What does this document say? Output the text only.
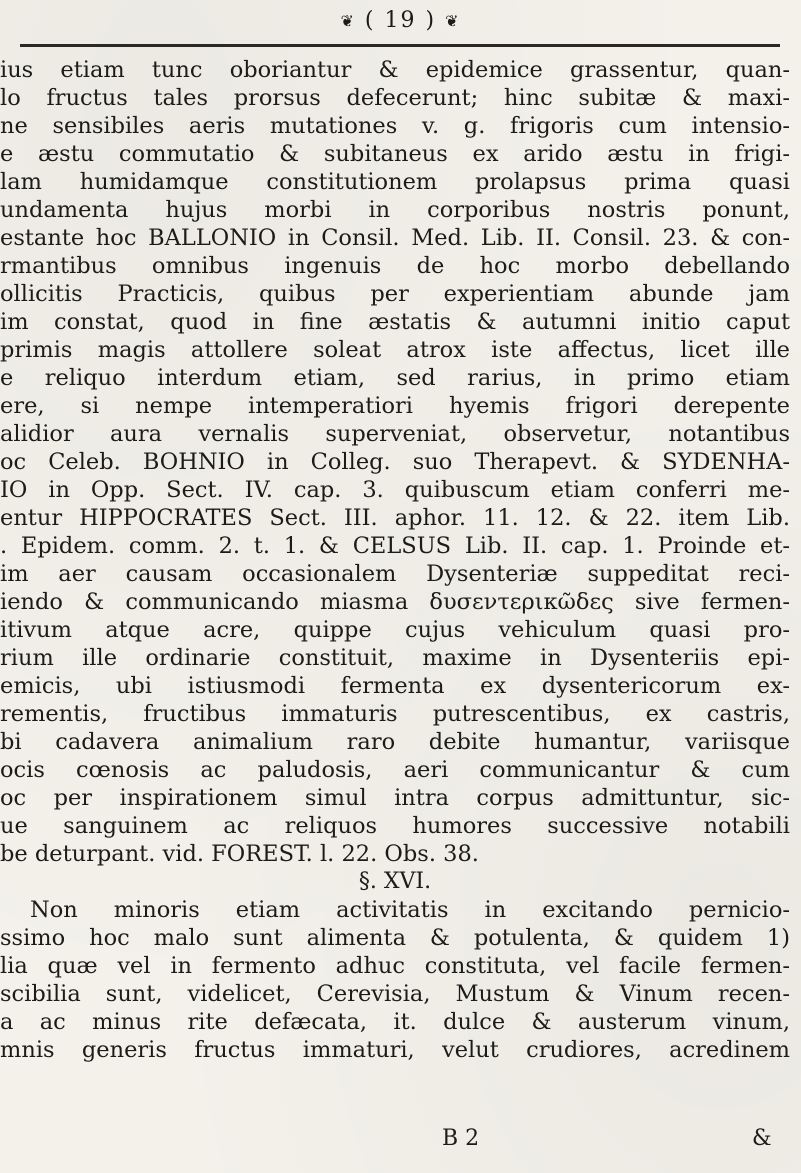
❦ ( 19 ) ❦
ius etiam tunc oboriantur & epidemice grassentur, quan-
lo fructus tales prorsus defecerunt; hinc subitæ & maxi-
ne sensibiles aeris mutationes v. g. frigoris cum intensio-
e æstu commutatio & subitaneus ex arido æstu in frigi-
lam humidamque constitutionem prolapsus prima quasi
undamenta hujus morbi in corporibus nostris ponunt,
estante hoc BALLONIO in Consil. Med. Lib. II. Consil. 23. & con-
rmantibus omnibus ingenuis de hoc morbo debellando
ollicitis Practicis, quibus per experientiam abunde jam
im constat, quod in fine æstatis & autumni initio caput
primis magis attollere soleat atrox iste affectus, licet ille
e reliquo interdum etiam, sed rarius, in primo etiam
ere, si nempe intemperatiori hyemis frigori derepente
alidior aura vernalis superveniat, observetur, notantibus
oc Celeb. BOHNIO in Colleg. suo Therapevt. & SYDENHA-
IO in Opp. Sect. IV. cap. 3. quibuscum etiam conferri me-
entur HIPPOCRATES Sect. III. aphor. 11. 12. & 22. item Lib.
. Epidem. comm. 2. t. 1. & CELSUS Lib. II. cap. 1. Proinde et-
im aer causam occasionalem Dysenteriæ suppeditat reci-
iendo & communicando miasma δυσεντερικῶδες sive fermen-
itivum atque acre, quippe cujus vehiculum quasi pro-
rium ille ordinarie constituit, maxime in Dysenteriis epi-
emicis, ubi istiusmodi fermenta ex dysentericorum ex-
rementis, fructibus immaturis putrescentibus, ex castris,
bi cadavera animalium raro debite humantur, variisque
ocis cœnosis ac paludosis, aeri communicantur & cum
oc per inspirationem simul intra corpus admittuntur, sic-
ue sanguinem ac reliquos humores successive notabili
be deturpant. vid. FOREST. l. 22. Obs. 38.
§. XVI.
Non minoris etiam activitatis in excitando pernicio-
ssimo hoc malo sunt alimenta & potulenta, & quidem 1)
lia quæ vel in fermento adhuc constituta, vel facile fermen-
scibilia sunt, videlicet, Cerevisia, Mustum & Vinum recen-
a ac minus rite defæcata, it. dulce & austerum vinum,
mnis generis fructus immaturi, velut crudiores, acredinem
B 2	&
